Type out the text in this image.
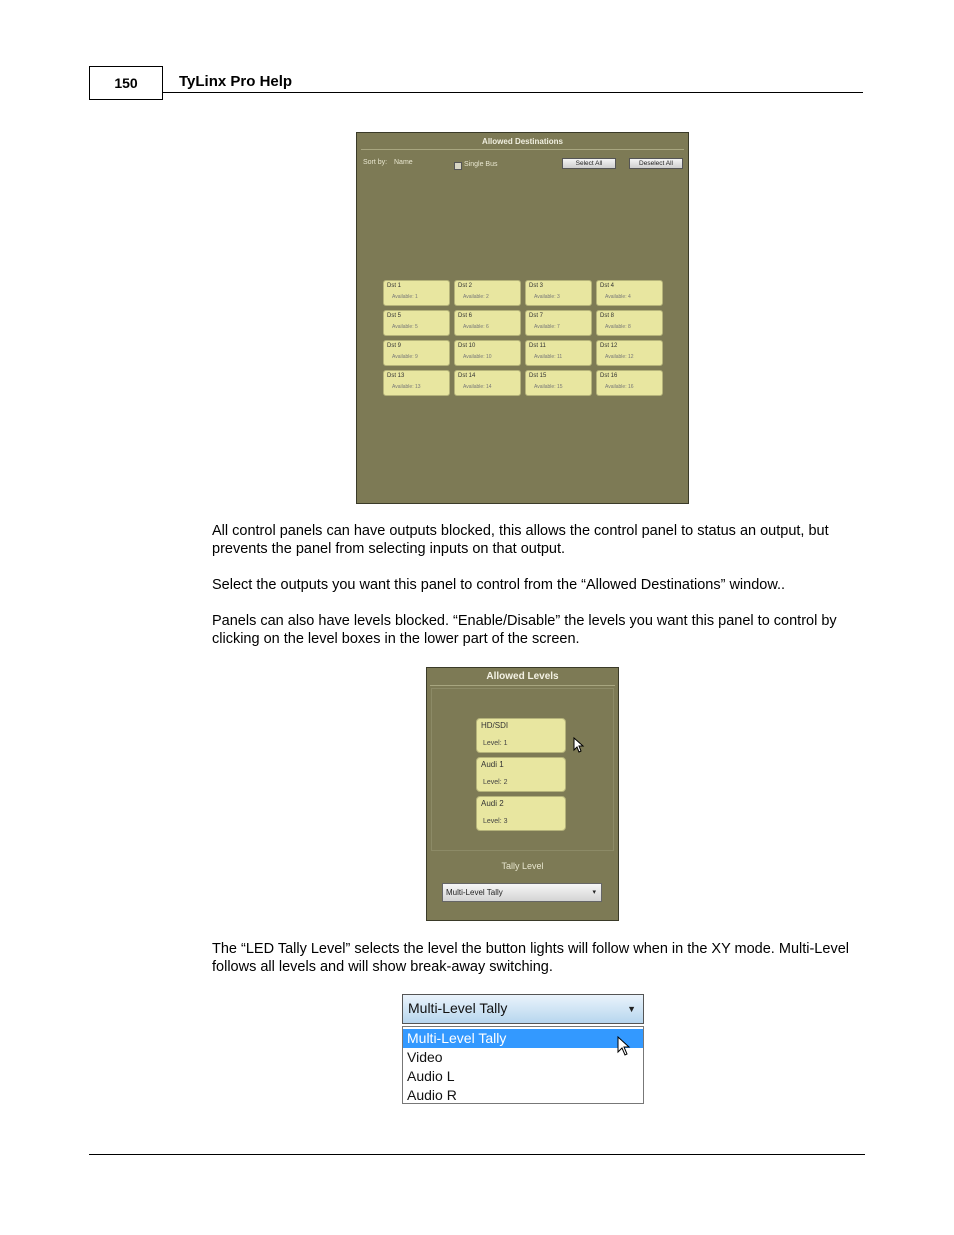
150	TyLinx Pro Help
Allowed Destinations
Sort by: Name	Single Bus	Select All	Deselect All
Dst 1
Available: 1
Dst 2
Available: 2
Dst 3
Available: 3
Dst 4
Available: 4
Dst 5
Available: 5
Dst 6
Available: 6
Dst 7
Available: 7
Dst 8
Available: 8
Dst 9
Available: 9
Dst 10
Available: 10
Dst 11
Available: 11
Dst 12
Available: 12
Dst 13
Available: 13
Dst 14
Available: 14
Dst 15
Available: 15
Dst 16
Available: 16
All control panels can have outputs blocked, this allows the control panel to status an output, but prevents the panel from selecting inputs on that output.
Select the outputs you want this panel to control from the “Allowed Destinations” window..
Panels can also have levels blocked. “Enable/Disable” the levels you want this panel to control by clicking on the level boxes in the lower part of the screen.
Allowed Levels
HD/SDI
Level: 1
Audi 1
Level: 2
Audi 2
Level: 3
Tally Level
Multi-Level Tally	▾
The “LED Tally Level” selects the level the button lights will follow when in the XY mode. Multi-Level follows all levels and will show break-away switching.
Multi-Level Tally	▼
Multi-Level Tally
Video
Audio L
Audio R
